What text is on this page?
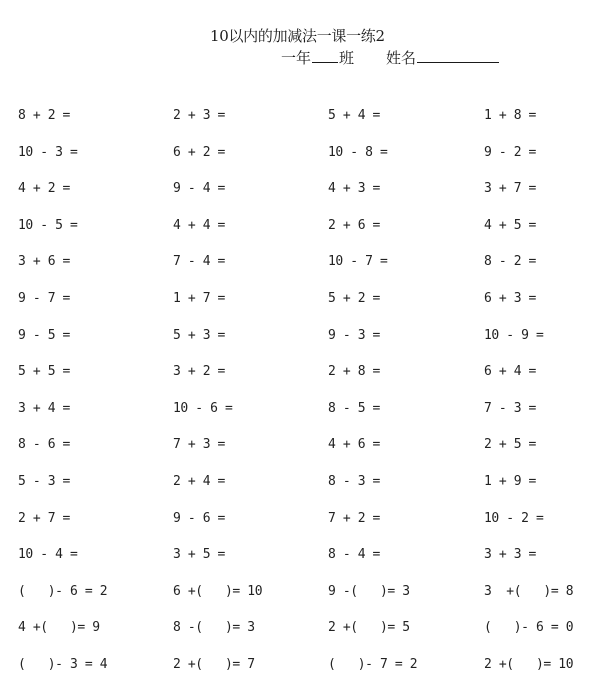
10以内的加减法一课一练2
一年 班 姓名
8 + 2 =	2 + 3 =	5 + 4 =	1 + 8 =
10 - 3 =	6 + 2 =	10 - 8 =	9 - 2 =
4 + 2 =	9 - 4 =	4 + 3 =	3 + 7 =
10 - 5 =	4 + 4 =	2 + 6 =	4 + 5 =
3 + 6 =	7 - 4 =	10 - 7 =	8 - 2 =
9 - 7 =	1 + 7 =	5 + 2 =	6 + 3 =
9 - 5 =	5 + 3 =	9 - 3 =	10 - 9 =
5 + 5 =	3 + 2 =	2 + 8 =	6 + 4 =
3 + 4 =	10 - 6 =	8 - 5 =	7 - 3 =
8 - 6 =	7 + 3 =	4 + 6 =	2 + 5 =
5 - 3 =	2 + 4 =	8 - 3 =	1 + 9 =
2 + 7 =	9 - 6 =	7 + 2 =	10 - 2 =
10 - 4 =	3 + 5 =	8 - 4 =	3 + 3 =
(   )- 6 = 2	6 +(   )= 10	9 -(   )= 3	3  +(   )= 8
4 +(   )= 9	8 -(   )= 3	2 +(   )= 5	(   )- 6 = 0
(   )- 3 = 4	2 +(   )= 7	(   )- 7 = 2	2 +(   )= 10
